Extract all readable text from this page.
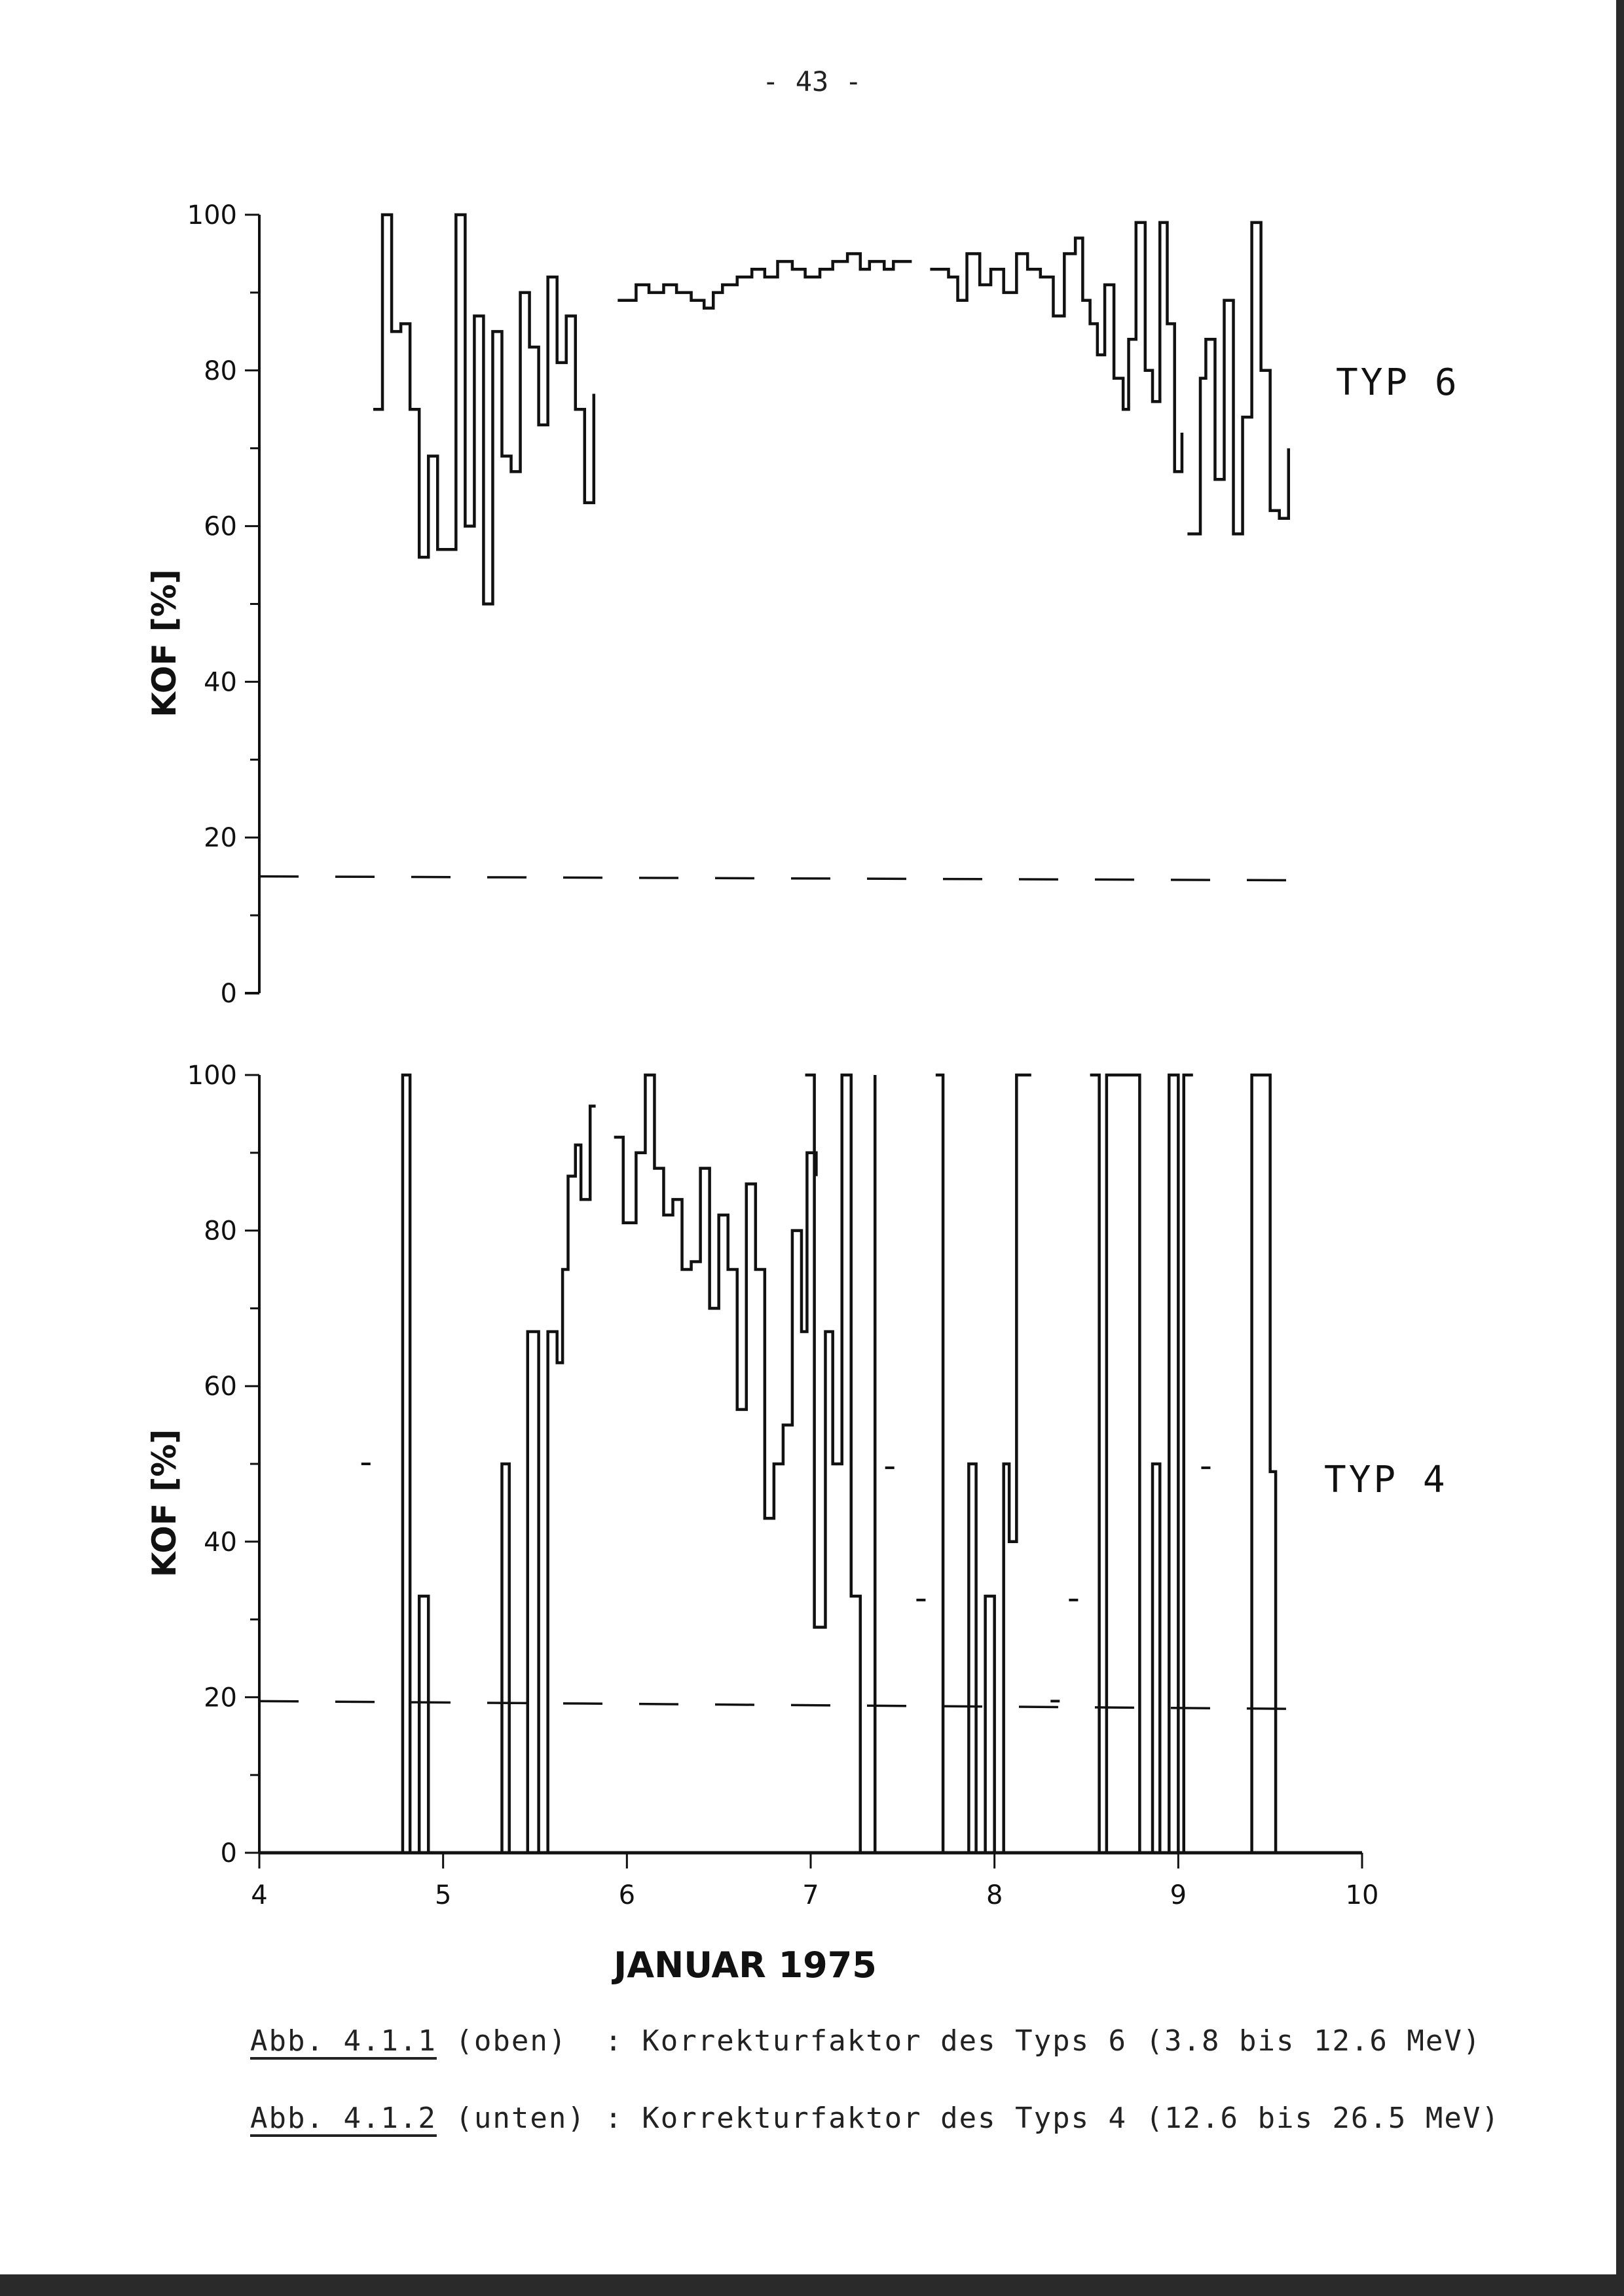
- 43 -
0
20
40
60
80
100
KOF [%]
0
20
40
60
80
100
KOF [%]
4	5	6	7	8	9	10
JANUAR 1975
TYP 6
TYP 4
Abb. 4.1.1 (oben)  : Korrekturfaktor des Typs 6 (3.8 bis 12.6 MeV)
Abb. 4.1.2 (unten) : Korrekturfaktor des Typs 4 (12.6 bis 26.5 MeV)
